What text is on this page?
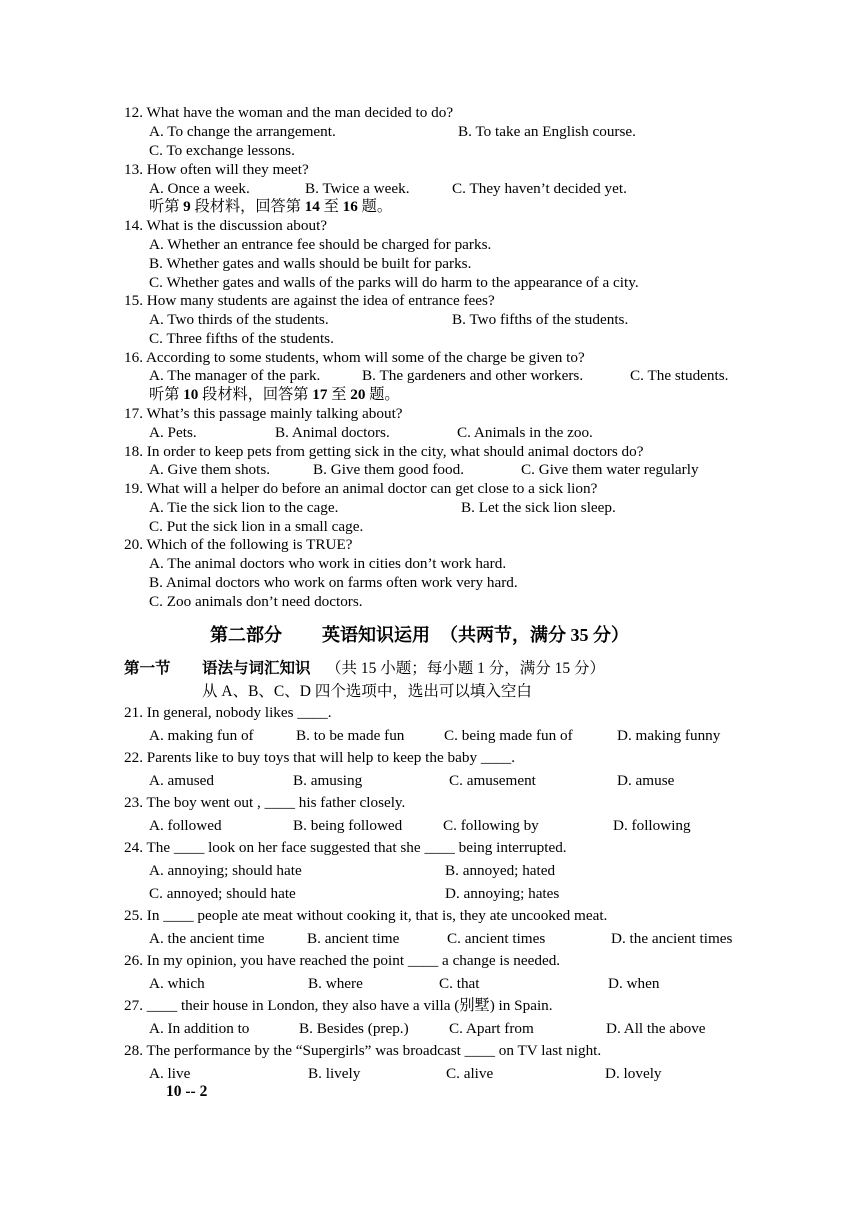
12. What have the woman and the man decided to do?
A. To change the arrangement.	B. To take an English course.
C. To exchange lessons.
13. How often will they meet?
A. Once a week.	B. Twice a week.	C. They haven’t decided yet.
听第 9 段材料，回答第 14 至 16 题。
14. What is the discussion about?
A. Whether an entrance fee should be charged for parks.
B. Whether gates and walls should be built for parks.
C. Whether gates and walls of the parks will do harm to the appearance of a city.
15. How many students are against the idea of entrance fees?
A. Two thirds of the students.	B. Two fifths of the students.
C. Three fifths of the students.
16. According to some students, whom will some of the charge be given to?
A. The manager of the park.	B. The gardeners and other workers.	C. The students.
听第 10 段材料，回答第 17 至 20 题。
17. What’s this passage mainly talking about?
A. Pets.	B. Animal doctors.	C. Animals in the zoo.
18. In order to keep pets from getting sick in the city, what should animal doctors do?
A. Give them shots.	B. Give them good food.	C. Give them water regularly
19. What will a helper do before an animal doctor can get close to a sick lion?
A. Tie the sick lion to the cage.	B. Let the sick lion sleep.
C. Put the sick lion in a small cage.
20. Which of the following is TRUE?
A. The animal doctors who work in cities don’t work hard.
B. Animal doctors who work on farms often work very hard.
C. Zoo animals don’t need doctors.
第二部分 英语知识运用 （共两节，满分 35 分）
第一节 语法与词汇知识 （共 15 小题；每小题 1 分，满分 15 分）
从 A、B、C、D 四个选项中，选出可以填入空白
21. In general, nobody likes ____.
A. making fun of	B. to be made fun	C. being made fun of	D. making funny
22. Parents like to buy toys that will help to keep the baby ____.
A. amused	B. amusing	C. amusement	D. amuse
23. The boy went out , ____ his father closely.
A. followed	B. being followed	C. following by	D. following
24. The ____ look on her face suggested that she ____ being interrupted.
A. annoying; should hate	B. annoyed; hated
C. annoyed; should hate	D. annoying; hates
25. In ____ people ate meat without cooking it, that is, they ate uncooked meat.
A. the ancient time	B. ancient time	C. ancient times	D. the ancient times
26. In my opinion, you have reached the point ____ a change is needed.
A. which	B. where	C. that	D. when
27. ____ their house in London, they also have a villa (别墅) in Spain.
A. In addition to	B. Besides (prep.)	C. Apart from	D. All the above
28. The performance by the “Supergirls” was broadcast ____ on TV last night.
A. live	B. lively	C. alive	D. lovely
10 -- 2
